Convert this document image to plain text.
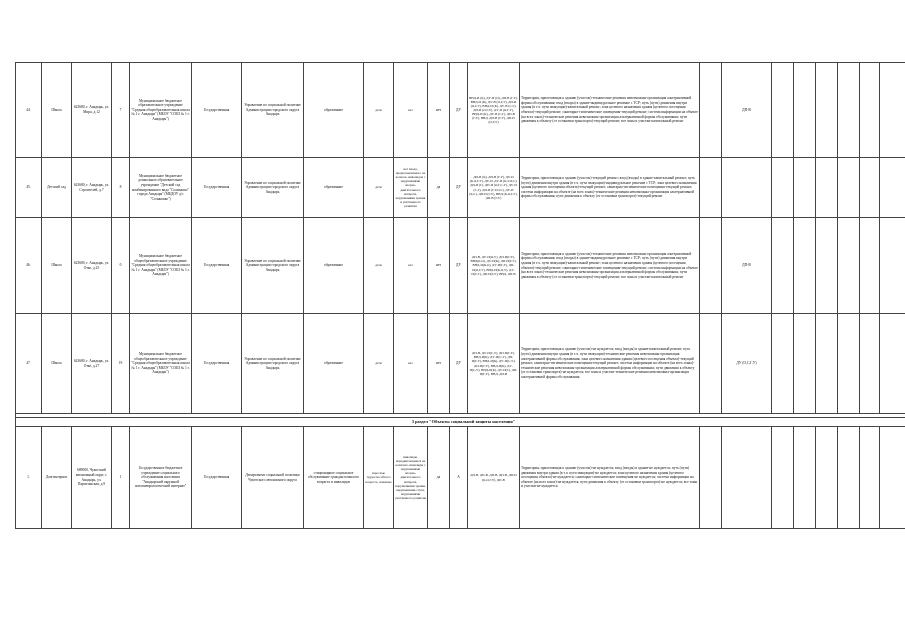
44.	Школа	623680, г. Анадырь, ул. Мира, д.12	7	Муниципальное бюджетное образовательное учреждение "Средняя общеобразовательная школа № 1 г. Анадыря" (МБОУ "СОШ № 1 г. Анадыря")	Государственная	Управление по социальной политике Администрации городского округа Анадырь	образование	дети	нет	нет	ДУ	ВНД-И (К), ДУ-И (О), ДП-В (Г,У), ВНД-И (К), ДУ-В (О,Г,У), ДП-И (О,Г,У), ВНД-И (К), ДУ-В (С,Г), ДП-И (О,Г,У), ДУ-И (О,Г,У), ВНД-И (К), ДУ-В (С,Г), ДП-В (Г,У), ВНД, ДП-В (Г,У), ДП-И (О,Г,У)	Территория, прилегающая к зданию (участок)-технические решения невозможны-организация альтернативной формы обслуживания; вход (входы) в здание-индивидуальное решение с ТСР; путь (пути) движения внутри здания (в т.ч. пути эвакуации)-капитальный ремонт; зона целевого назначения здания (целевого посещения объекта)-текущий ремонт; санитарно-гигиенические помещения-текущий ремонт; система информации на объекте (на всех зонах)-технические решения невозможны-организация альтернативной формы обслуживания; пути движения к объекту (от остановки транспорта)-текущий ремонт; все зоны и участки-капитальный ремонт		ДП-В						
45.	Детский сад	623680, г. Анадырь, ул. Строителей, д.7	8	Муниципальное бюджетное дошкольное образовательное учреждение "Детский сад комбинированного вида "Солнышко" города Анадыря" (МБДОУ д/с "Солнышко")	Государственная	Управление по социальной политике Администрации городского округа Анадырь	образование	дети	нет входа, предназначенного на колясок, инвалидов с нарушениями опорно-двигательного аппарата, нарушениями зрения и умственного развития	да	ДУ	ДП-И (К), ДП-В (Г,У), ДУ-И (К,О,Г,У), ДУ-И, ДУ-И (К,У,О,С), ДП-И (Г), ДП-И (О,Г,С,У), ДУ-И (С,Г), ДП-И (Г,У,О,С), ДУ-И (К,С), ДП-И (Г,У), ВНД (К,О,Г,У), ДП-В (Г,У)	Территория, прилегающая к зданию (участок)-текущий ремонт; вход (входы) в здание-капитальный ремонт; путь (пути) движения внутри здания (в т.ч. пути эвакуации)-индивидуальное решение с ТСР; зона целевого назначения здания (целевого посещения объекта)-текущий ремонт; санитарно-гигиенические помещения-текущий ремонт; система информации на объекте (на всех зонах)-технические решения невозможны-организация альтернативной формы обслуживания; пути движения к объекту (от остановки транспорта)-текущий ремонт								
46.	Школа	623680, г. Анадырь, ул. Отке, д.25	0	Муниципальное бюджетное общеобразовательное учреждение "Средняя общеобразовательная школа № 1 г. Анадыря" (МБОУ "СОШ № 1 г. Анадыря")	Государственная	Управление по социальной политике Администрации городского округа Анадырь	образование	дети	нет	нет	ДУ	ДП-В, ДУ-И(О,У), ДП-И(Г,У), ВНД(К,О), ДУ-И(К), ДП-И(Г,У), ВНД-И(К,О), ДУ-И(Г,У), ДП-И(О,Г,У), ВНД-И(К,О,У), ДУ-И(С,Г), ДП-И(Г,У), ВНД, ДП-В	Территория, прилегающая к зданию (участок)-технические решения невозможны-организация альтернативной формы обслуживания; вход (входы) в здание-индивидуальное решение с ТСР; путь (пути) движения внутри здания (в т.ч. пути эвакуации)-капитальный ремонт; зона целевого назначения здания (целевого посещения объекта)-текущий ремонт; санитарно-гигиенические помещения-текущий ремонт; система информации на объекте (на всех зонах)-технические решения невозможны-организация альтернативной формы обслуживания; пути движения к объекту (от остановки транспорта)-текущий ремонт; все зоны и участки-капитальный ремонт		ДП-В						
47.	Школа	623680, г. Анадырь, ул. Отке, д.27	19	Муниципальное бюджетное общеобразовательное учреждение "Средняя общеобразовательная школа № 1 г. Анадыря" (МБОУ "СОШ № 1 г. Анадыря")	Государственная	Управление по социальной политике Администрации городского округа Анадырь	образование	дети	нет	нет	ДУ	ДП-В, ДУ-И(С,У), ДП-И(Г,У), ВНД-И(К), ДУ-И(С,У), ДП-И(Г,У), ВНД-И(К), ДУ-И(С,У), ДП-И(Г,У), ВНД-И(К), ДУ-И(С,У), ВНД-И(К), ДУ-И(С), ДП-И(Г,У), ВНД, ДП-В	Территория, прилегающая к зданию (участок)-не нуждается; вход (входы) в здание-капитальный ремонт; путь (пути) движения внутри здания (в т.ч. пути эвакуации)-технические решения невозможны-организация альтернативной формы обслуживания; зона целевого назначения здания (целевого посещения объекта)-текущий ремонт; санитарно-гигиенические помещения-текущий ремонт; система информации на объекте (на всех зонах)-технические решения невозможны-организация альтернативной формы обслуживания; пути движения к объекту (от остановки транспорта)-не нуждается; все зоны и участки-технические решения невозможны-организация альтернативной формы обслуживания		ДУ (О,С,Г,У)						

3 раздел "Объекты социальной защиты населения"																					
1.	Дом-интернат	689000, Чукотский автономный округ, г. Анадырь, ул. Партизанская, д.9	1	Государственное бюджетное учреждение социального обслуживания населения "Анадырский окружной психоневрологический интернат"	Государственная	Департамент социальной политики Чукотского автономного округа	стационарное социальное обслуживание граждан пожилого возраста и инвалидов	взрослые трудоспособного возраста, пожилые	инвалиды, передвигающиеся на колясках, инвалиды с нарушениями опорно-двигательного аппарата, нарушениями зрения, нарушениями слуха, нарушениями умственного развития	да	А	ДП-В, ДП-В, ДП-В, ДП-В, ДП-И (К,О,Г,У), ДП-В	Территория, прилегающая к зданию (участок)-не нуждается; вход (входы) в здание-не нуждается; путь (пути) движения внутри здания (в т.ч. пути эвакуации)-не нуждается; зона целевого назначения здания (целевого посещения объекта)-не нуждается; санитарно-гигиенические помещения-не нуждается; система информации на объекте (на всех зонах)-не нуждается; пути движения к объекту (от остановки транспорта)-не нуждается; все зоны и участки-не нуждается								
